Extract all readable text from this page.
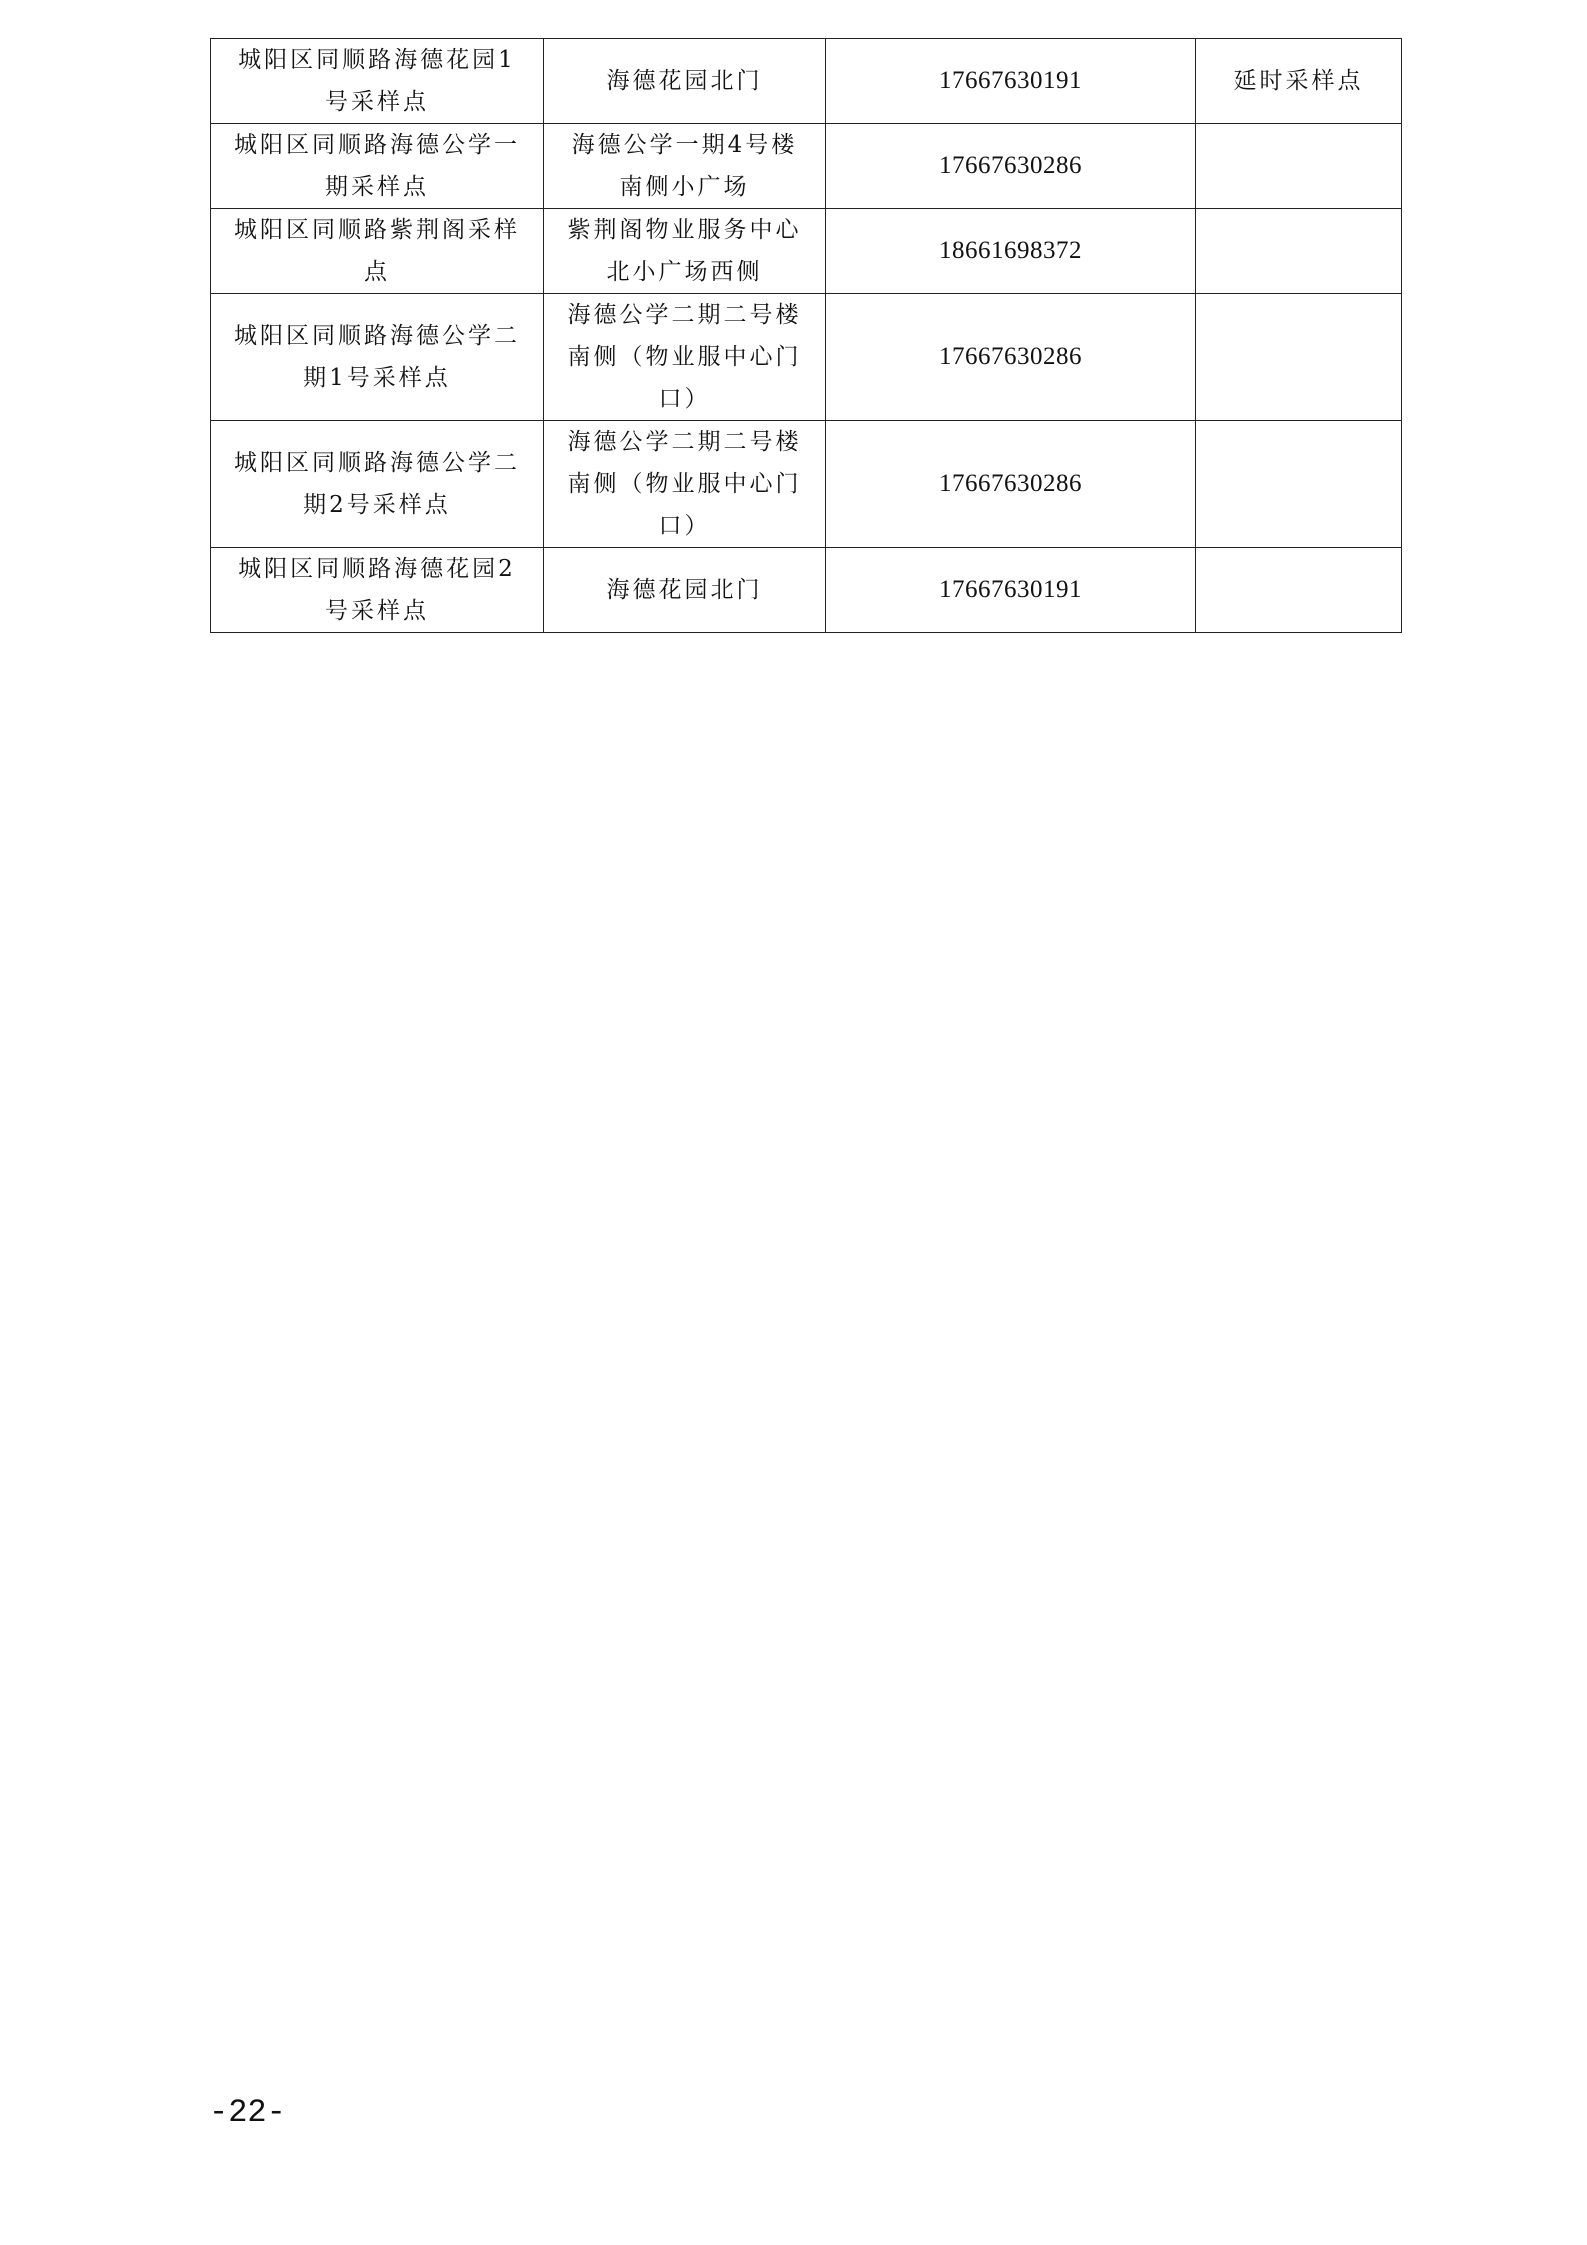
城阳区同顺路海德花园1号采样点	海德花园北门	17667630191	延时采样点
城阳区同顺路海德公学一期采样点	海德公学一期4号楼南侧小广场	17667630286	
城阳区同顺路紫荆阁采样点	紫荆阁物业服务中心北小广场西侧	18661698372	
城阳区同顺路海德公学二期1号采样点	海德公学二期二号楼南侧（物业服中心门口）	17667630286	
城阳区同顺路海德公学二期2号采样点	海德公学二期二号楼南侧（物业服中心门口）	17667630286	
城阳区同顺路海德花园2号采样点	海德花园北门	17667630191	
-22-
